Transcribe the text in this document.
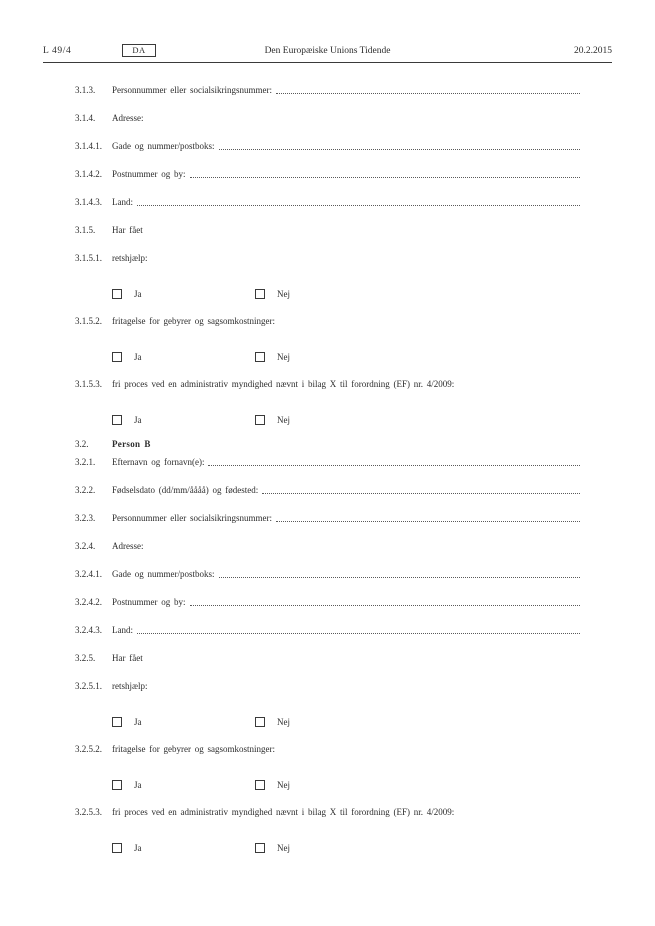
L 49/4	DA	Den Europæiske Unions Tidende	20.2.2015
3.1.3.	Personnummer eller socialsikringsnummer:
3.1.4.	Adresse:
3.1.4.1.	Gade og nummer/postboks:
3.1.4.2.	Postnummer og by:
3.1.4.3.	Land:
3.1.5.	Har fået
3.1.5.1.	retshjælp:
Ja	Nej
3.1.5.2.	fritagelse for gebyrer og sagsomkostninger:
Ja	Nej
3.1.5.3.	fri proces ved en administrativ myndighed nævnt i bilag X til forordning (EF) nr. 4/2009:
Ja	Nej
3.2.	Person B
3.2.1.	Efternavn og fornavn(e):
3.2.2.	Fødselsdato (dd/mm/åååå) og fødested:
3.2.3.	Personnummer eller socialsikringsnummer:
3.2.4.	Adresse:
3.2.4.1.	Gade og nummer/postboks:
3.2.4.2.	Postnummer og by:
3.2.4.3.	Land:
3.2.5.	Har fået
3.2.5.1.	retshjælp:
Ja	Nej
3.2.5.2.	fritagelse for gebyrer og sagsomkostninger:
Ja	Nej
3.2.5.3.	fri proces ved en administrativ myndighed nævnt i bilag X til forordning (EF) nr. 4/2009:
Ja	Nej
